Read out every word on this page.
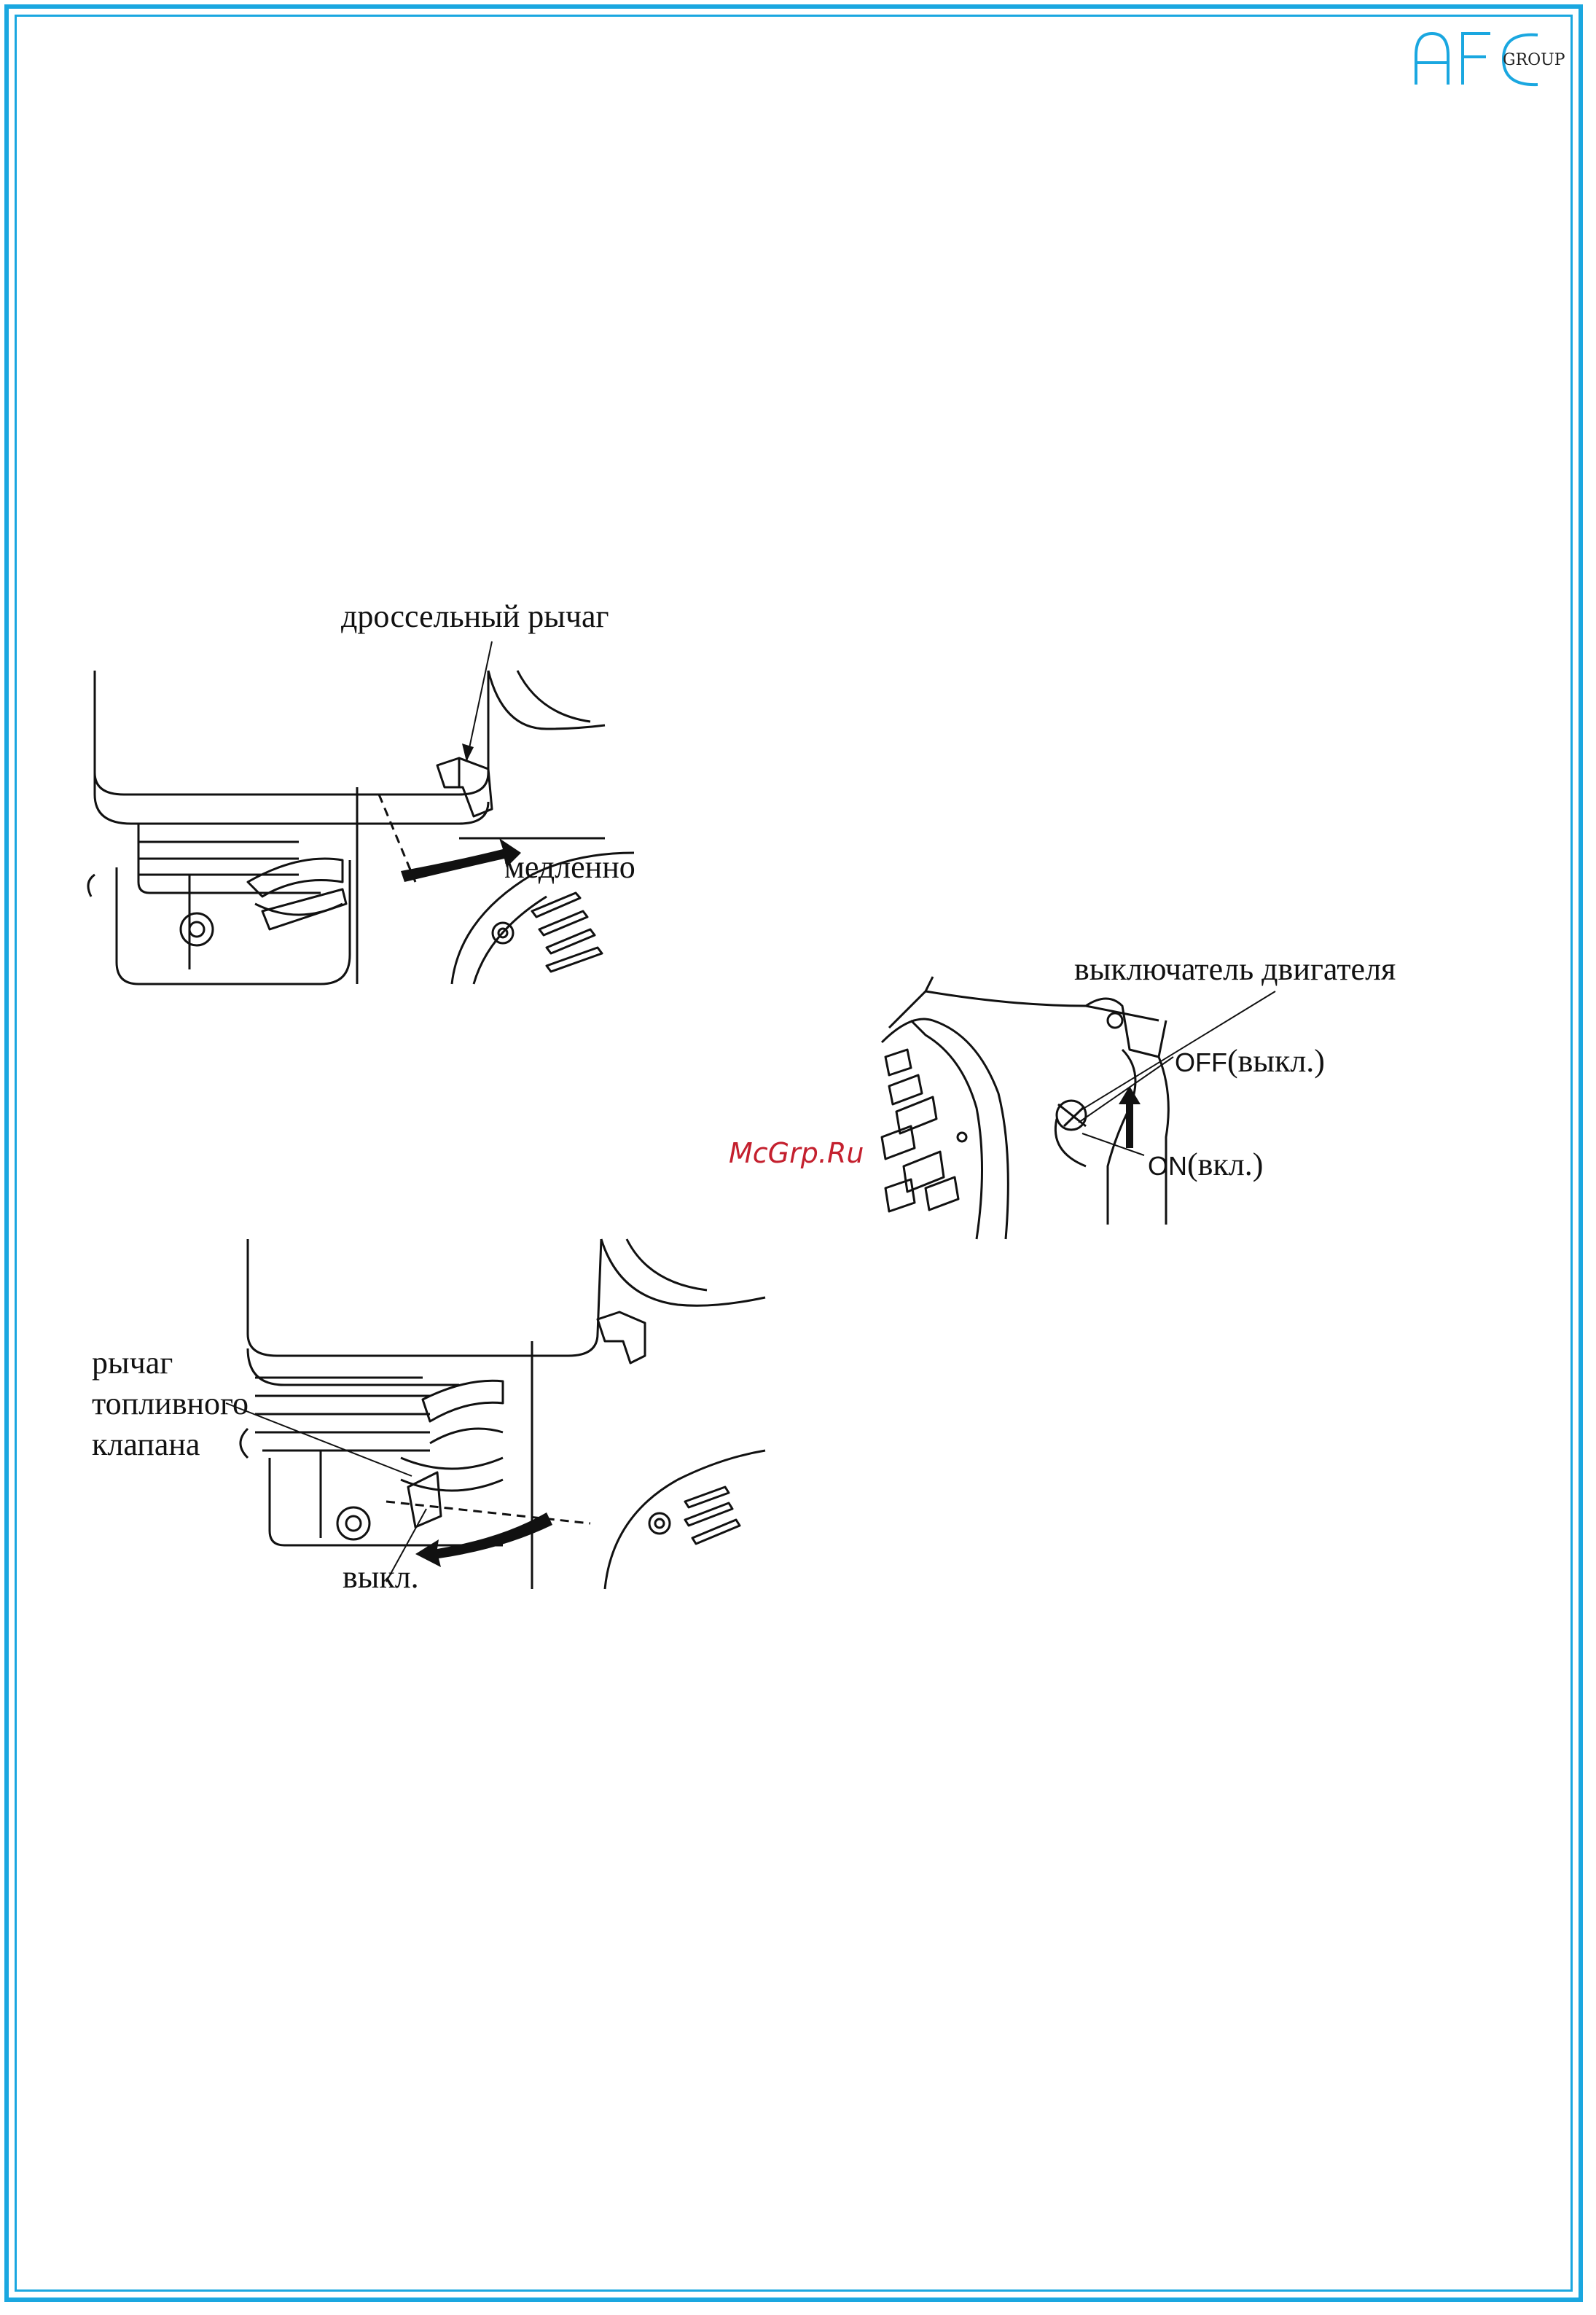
GROUP
дроссельный рычаг
медленно
выключатель двигателя
OFF(выкл.)
ON(вкл.)
McGrp.Ru
рычаг
топливного
клапана
выкл.
